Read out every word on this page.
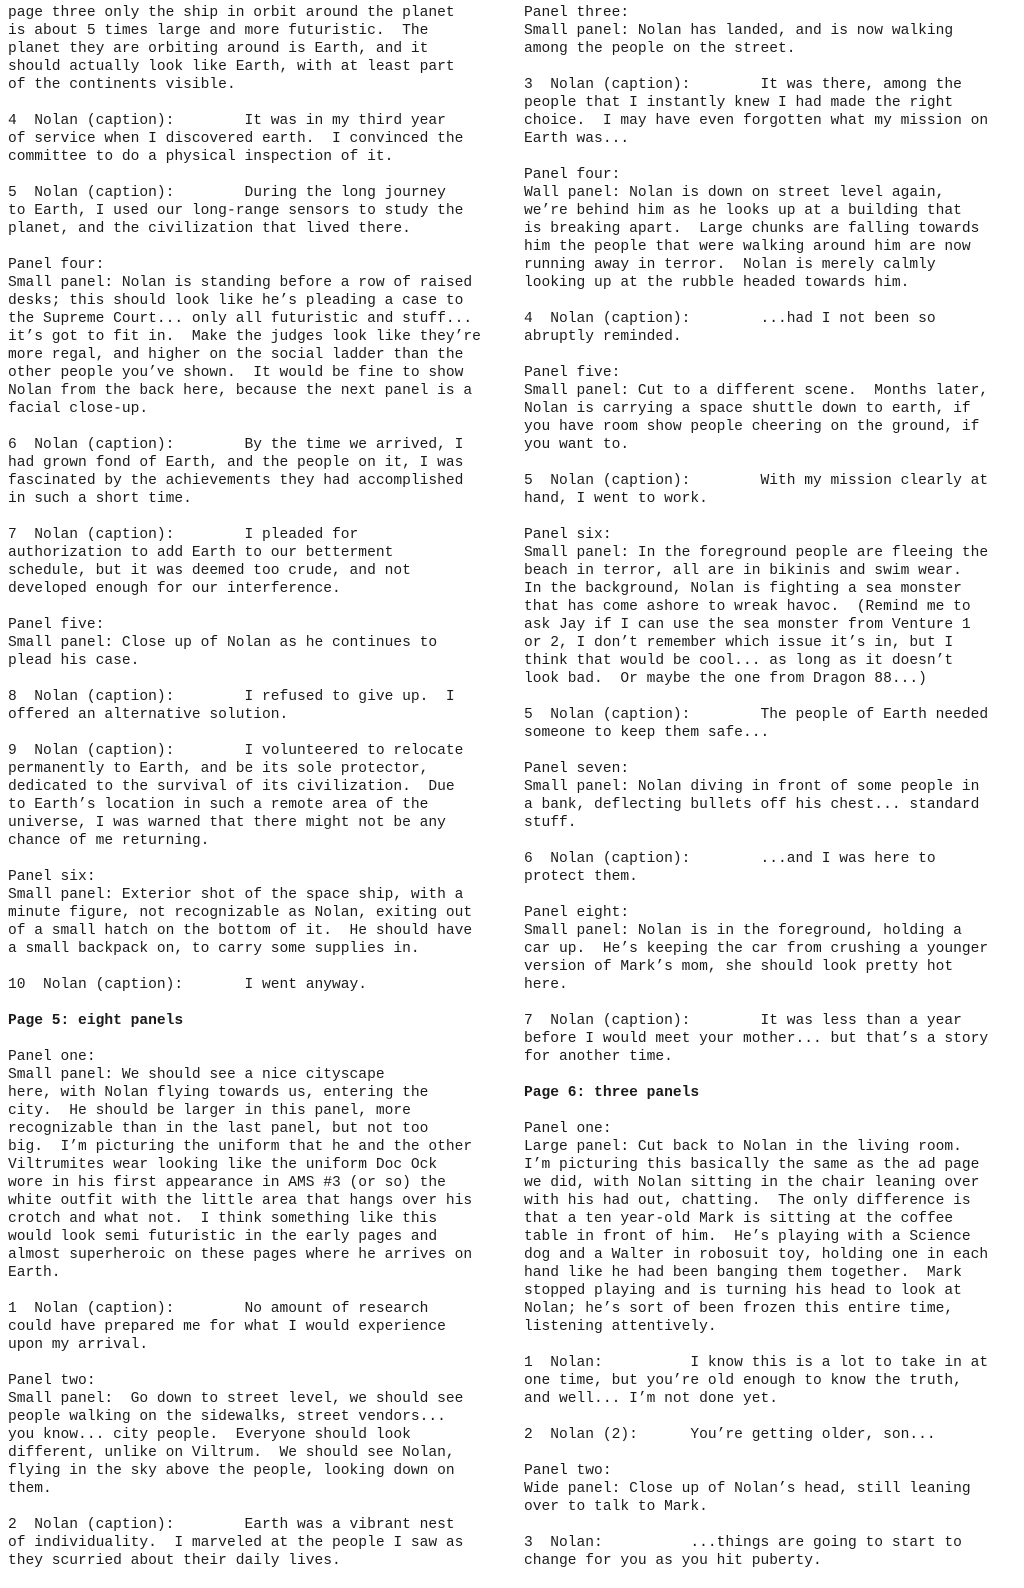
page three only the ship in orbit around the planet
is about 5 times large and more futuristic.  The
planet they are orbiting around is Earth, and it
should actually look like Earth, with at least part
of the continents visible.
4  Nolan (caption):        It was in my third year
of service when I discovered earth.  I convinced the
committee to do a physical inspection of it.
5  Nolan (caption):        During the long journey
to Earth, I used our long-range sensors to study the
planet, and the civilization that lived there.
Panel four:
Small panel: Nolan is standing before a row of raised
desks; this should look like he’s pleading a case to
the Supreme Court... only all futuristic and stuff...
it’s got to fit in.  Make the judges look like they’re
more regal, and higher on the social ladder than the
other people you’ve shown.  It would be fine to show
Nolan from the back here, because the next panel is a
facial close-up.
6  Nolan (caption):        By the time we arrived, I
had grown fond of Earth, and the people on it, I was
fascinated by the achievements they had accomplished
in such a short time.
7  Nolan (caption):        I pleaded for
authorization to add Earth to our betterment
schedule, but it was deemed too crude, and not
developed enough for our interference.
Panel five:
Small panel: Close up of Nolan as he continues to
plead his case.
8  Nolan (caption):        I refused to give up.  I
offered an alternative solution.
9  Nolan (caption):        I volunteered to relocate
permanently to Earth, and be its sole protector,
dedicated to the survival of its civilization.  Due
to Earth’s location in such a remote area of the
universe, I was warned that there might not be any
chance of me returning.
Panel six:
Small panel: Exterior shot of the space ship, with a
minute figure, not recognizable as Nolan, exiting out
of a small hatch on the bottom of it.  He should have
a small backpack on, to carry some supplies in.
10  Nolan (caption):       I went anyway.
Page 5: eight panels
Panel one:
Small panel: We should see a nice cityscape
here, with Nolan flying towards us, entering the
city.  He should be larger in this panel, more
recognizable than in the last panel, but not too
big.  I’m picturing the uniform that he and the other
Viltrumites wear looking like the uniform Doc Ock
wore in his first appearance in AMS #3 (or so) the
white outfit with the little area that hangs over his
crotch and what not.  I think something like this
would look semi futuristic in the early pages and
almost superheroic on these pages where he arrives on
Earth.
1  Nolan (caption):        No amount of research
could have prepared me for what I would experience
upon my arrival.
Panel two:
Small panel:  Go down to street level, we should see
people walking on the sidewalks, street vendors...
you know... city people.  Everyone should look
different, unlike on Viltrum.  We should see Nolan,
flying in the sky above the people, looking down on
them.
2  Nolan (caption):        Earth was a vibrant nest
of individuality.  I marveled at the people I saw as
they scurried about their daily lives.
Panel three:
Small panel: Nolan has landed, and is now walking
among the people on the street.
3  Nolan (caption):        It was there, among the
people that I instantly knew I had made the right
choice.  I may have even forgotten what my mission on
Earth was...
Panel four:
Wall panel: Nolan is down on street level again,
we’re behind him as he looks up at a building that
is breaking apart.  Large chunks are falling towards
him the people that were walking around him are now
running away in terror.  Nolan is merely calmly
looking up at the rubble headed towards him.
4  Nolan (caption):        ...had I not been so
abruptly reminded.
Panel five:
Small panel: Cut to a different scene.  Months later,
Nolan is carrying a space shuttle down to earth, if
you have room show people cheering on the ground, if
you want to.
5  Nolan (caption):        With my mission clearly at
hand, I went to work.
Panel six:
Small panel: In the foreground people are fleeing the
beach in terror, all are in bikinis and swim wear.
In the background, Nolan is fighting a sea monster
that has come ashore to wreak havoc.  (Remind me to
ask Jay if I can use the sea monster from Venture 1
or 2, I don’t remember which issue it’s in, but I
think that would be cool... as long as it doesn’t
look bad.  Or maybe the one from Dragon 88...)
5  Nolan (caption):        The people of Earth needed
someone to keep them safe...
Panel seven:
Small panel: Nolan diving in front of some people in
a bank, deflecting bullets off his chest... standard
stuff.
6  Nolan (caption):        ...and I was here to
protect them.
Panel eight:
Small panel: Nolan is in the foreground, holding a
car up.  He’s keeping the car from crushing a younger
version of Mark’s mom, she should look pretty hot
here.
7  Nolan (caption):        It was less than a year
before I would meet your mother... but that’s a story
for another time.
Page 6: three panels
Panel one:
Large panel: Cut back to Nolan in the living room.
I’m picturing this basically the same as the ad page
we did, with Nolan sitting in the chair leaning over
with his had out, chatting.  The only difference is
that a ten year-old Mark is sitting at the coffee
table in front of him.  He’s playing with a Science
dog and a Walter in robosuit toy, holding one in each
hand like he had been banging them together.  Mark
stopped playing and is turning his head to look at
Nolan; he’s sort of been frozen this entire time,
listening attentively.
1  Nolan:          I know this is a lot to take in at
one time, but you’re old enough to know the truth,
and well... I’m not done yet.
2  Nolan (2):      You’re getting older, son...
Panel two:
Wide panel: Close up of Nolan’s head, still leaning
over to talk to Mark.
3  Nolan:          ...things are going to start to
change for you as you hit puberty.
